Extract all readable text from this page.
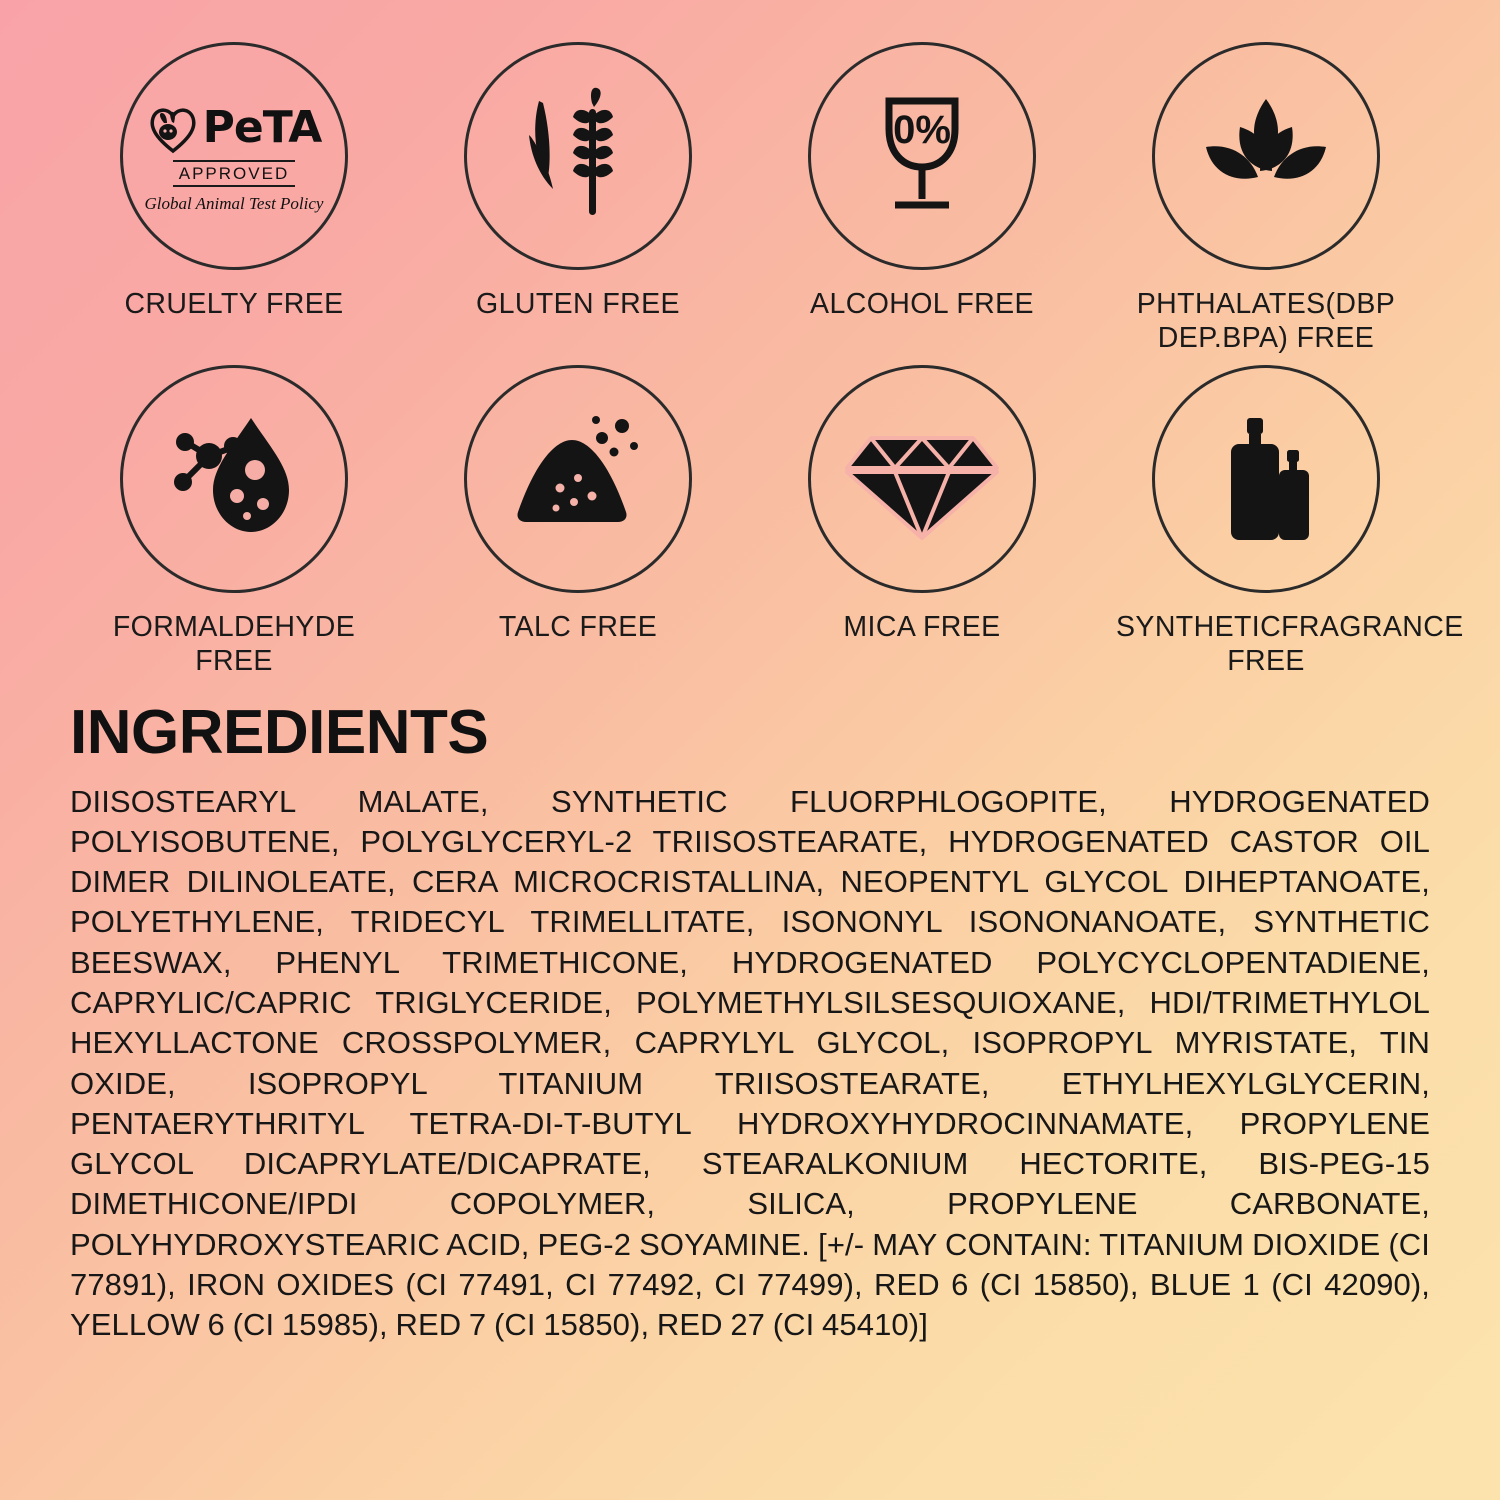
PeTA
APPROVED
Global Animal Test Policy
CRUELTY FREE	GLUTEN FREE
0%
ALCOHOL FREE	PHTHALATES(DBP DEP.BPA) FREE
FORMALDEHYDE FREE
TALC FREE	MICA FREE	SYNTHETICFRAGRANCE FREE
INGREDIENTS

DIISOSTEARYL MALATE, SYNTHETIC FLUORPHLOGOPITE, HYDROGENATED POLYISOBUTENE, POLYGLYCERYL-2 TRIISOSTEARATE, HYDROGENATED CASTOR OIL DIMER DILINOLEATE, CERA MICROCRISTALLINA, NEOPENTYL GLYCOL DIHEPTANOATE, POLYETHYLENE, TRIDECYL TRIMELLITATE, ISONONYL ISONONANOATE, SYNTHETIC BEESWAX, PHENYL TRIMETHICONE, HYDROGENATED POLYCYCLOPENTADIENE, CAPRYLIC/CAPRIC TRIGLYCERIDE, POLYMETHYLSILSESQUIOXANE, HDI/TRIMETHYLOL HEXYLLACTONE CROSSPOLYMER, CAPRYLYL GLYCOL, ISOPROPYL MYRISTATE, TIN OXIDE, ISOPROPYL TITANIUM TRIISOSTEARATE, ETHYLHEXYLGLYCERIN, PENTAERYTHRITYL TETRA-DI-T-BUTYL HYDROXYHYDROCINNAMATE, PROPYLENE GLYCOL DICAPRYLATE/DICAPRATE, STEARALKONIUM HECTORITE, BIS-PEG-15 DIMETHICONE/IPDI COPOLYMER, SILICA, PROPYLENE CARBONATE, POLYHYDROXYSTEARIC ACID, PEG-2 SOYAMINE. [+/- MAY CONTAIN: TITANIUM DIOXIDE (CI 77891), IRON OXIDES (CI 77491, CI 77492, CI 77499), RED 6 (CI 15850), BLUE 1 (CI 42090), YELLOW 6 (CI 15985), RED 7 (CI 15850), RED 27 (CI 45410)]
